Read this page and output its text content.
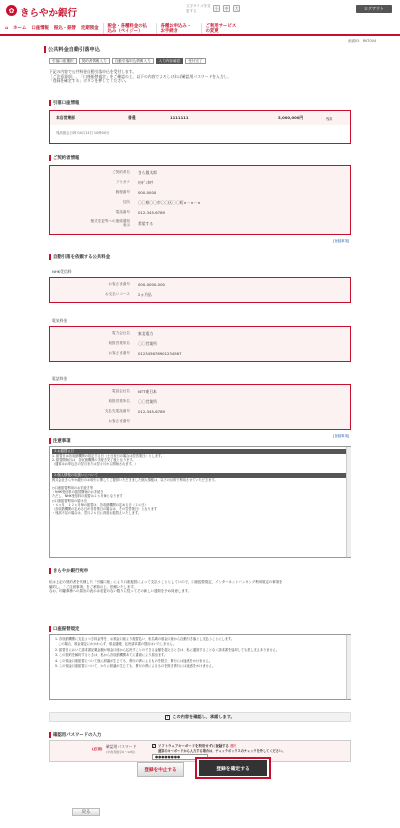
✿ きらやか銀行
文字サイズを変更する
小	中	大	ログアウト
⌂ ホーム 口座情報 振込・振替 定期預金	税金・各種料金の払込み（ペイジー）
各種お申込み・お手続き
ご利用サービスの変更
画面ID：RKT004
公共料金自動引落申込
引落口座選択	契約者情報入力	自動引落申込情報入力	入力内容確認	受付完了
下記の内容で公共料金自動引落申込を受付します。
「ご注意事項」、「口座振替規定」をご確認の上、以下の内容でよろしければ確認用パスワードを入力し、
「登録を確定する」ボタンを押してください。
引落口座情報
本店営業部	普通	1111111	5,000,000円	残高
残高照会日時 04月13日 10時00分
ご契約者情報
ご契約者名 きら銀太郎
フリガナ ｷﾗｷﾞﾝﾀﾛｳ
郵便番号 000-0000
住所 〇〇県〇〇市〇〇区〇〇町×－×－×
電話番号 012-345-6789
様式変更等への連絡通知表示 希望する
[登録事項]
自動引落を依頼する公共料金
NHK受信料
お客さま番号 000-0000-000
お支払いコース 2ヵ月払
電気料金
電力会社名 東北電力
取扱営業所名 〇〇営業所
お客さま番号 012345678901234567
電話料金
電話会社名 NTT東日本
取扱営業所名 〇〇営業所
支払先電話番号 012-345-6789
お客さま番号
[登録事項]
注意事項
1.お振替え日
1. 振替日は各収納機関の指定する日（土日祝日の場合は翌営業日）とします。
2. 振替開始日は、各収納機関の手続き完了後となります。
（通常はお申込日の翌月または翌々月から開始されます。）
2.個人情報の取扱いについて
株式会社きらやか銀行のお取引に関してご提供いただきました個人情報は、以下の目的で利用させていただきます。

○口座振替利用のお手続き等
・NHK受信料の振替開始のお手続き
ただし、NHK受信料の振替は２ヵ月毎となります
○口座振替利用の届け出
・６ヵ月、１２ヵ月毎の振替は、各収納機関の定める日（２６日）
（各収納機関の定める日が非営業日の場合は、その翌営業日）となります
・残高不足の場合は、翌月２６日に再度お振替えいたします。
きらやか銀行宛申
私は上記の契約者を代理した「引落口座」により口座振替によって支払うこととしていので、口座振替規定、インターネットバンキング利用規定の事項を
確約し、「ご注意事項」をご承知の上、依頼いたします。
なお、印鑑事務への届出の表示は変更のない限りに従ってその新しい通知を予め同意します。
口座振替規定
1. 各収納機関に支払うべき料金等を、お預金口座より振替払い、私名義の預金口座から自動引き落とし支払うことにします。
　この場合、預金規定にかかわらず、預金通帳、払戻請求書の提出はいたしません。
2. 振替日において請求書記載金額が預金口座から払戻すことのできる金額を超えるときは、私に通知することなく請求書を返却しても差し支えありません。
3. この契約を解約するときは、私から各収納機関あてに書面により届出ます。
4. この預金口座振替について仮に紛議が生じても、貴行の責によるものを除き、貴行には迷惑をかけません。
5. この預金口座振替について、かりに紛議が生じても、貴行の責によるものを除き貴行には迷惑をかけません。
✓ この内容を確認し、承諾します。
確認用パスワードの入力
(必須) 確認用パスワード
(半角英数字6～12桁)
✓ ソフトウェアキーボードを利用せずに登録する 選択
通常のキーボードから入力する場合は、チェックボックスのチェックを外してください。
●●●●●●●●
登録を中止する	登録を確定する
戻る
